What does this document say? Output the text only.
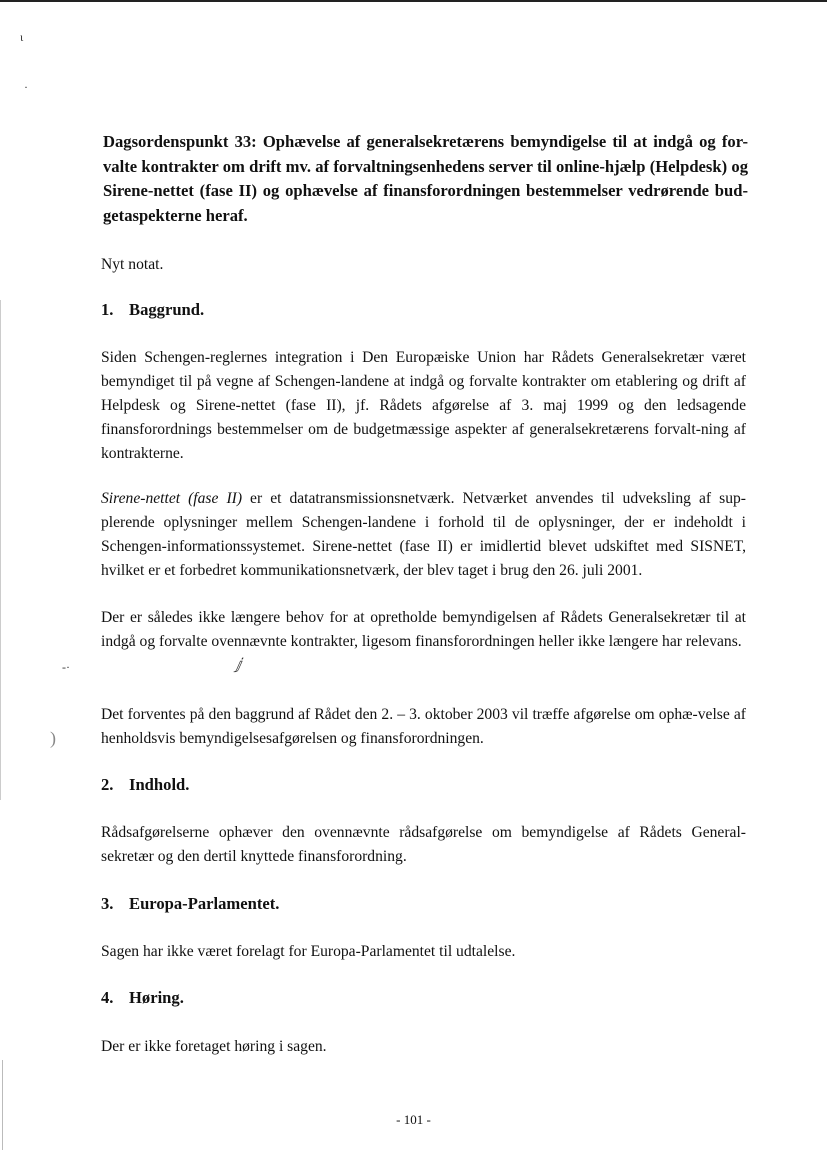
ι
·
ⅉ
-·
)
Dagsordenspunkt 33: Ophævelse af generalsekretærens bemyndigelse til at indgå og for-valte kontrakter om drift mv. af forvaltningsenhedens server til online-hjælp (Helpdesk) og Sirene-nettet (fase II) og ophævelse af finansforordningen bestemmelser vedrørende bud-getaspekterne heraf.
Nyt notat.
1. Baggrund.
Siden Schengen-reglernes integration i Den Europæiske Union har Rådets Generalsekretær været bemyndiget til på vegne af Schengen-landene at indgå og forvalte kontrakter om etablering og drift af Helpdesk og Sirene-nettet (fase II), jf. Rådets afgørelse af 3. maj 1999 og den ledsagende finansforordnings bestemmelser om de budgetmæssige aspekter af generalsekretærens forvalt-ning af kontrakterne.
Sirene-nettet (fase II) er et datatransmissionsnetværk. Netværket anvendes til udveksling af sup-plerende oplysninger mellem Schengen-landene i forhold til de oplysninger, der er indeholdt i Schengen-informationssystemet. Sirene-nettet (fase II) er imidlertid blevet udskiftet med SISNET, hvilket er et forbedret kommunikationsnetværk, der blev taget i brug den 26. juli 2001.
Der er således ikke længere behov for at opretholde bemyndigelsen af Rådets Generalsekretær til at indgå og forvalte ovennævnte kontrakter, ligesom finansforordningen heller ikke længere har relevans.
Det forventes på den baggrund af Rådet den 2. – 3. oktober 2003 vil træffe afgørelse om ophæ-velse af henholdsvis bemyndigelsesafgørelsen og finansforordningen.
2. Indhold.
Rådsafgørelserne ophæver den ovennævnte rådsafgørelse om bemyndigelse af Rådets General-sekretær og den dertil knyttede finansforordning.
3. Europa-Parlamentet.
Sagen har ikke været forelagt for Europa-Parlamentet til udtalelse.
4. Høring.
Der er ikke foretaget høring i sagen.
- 101 -
